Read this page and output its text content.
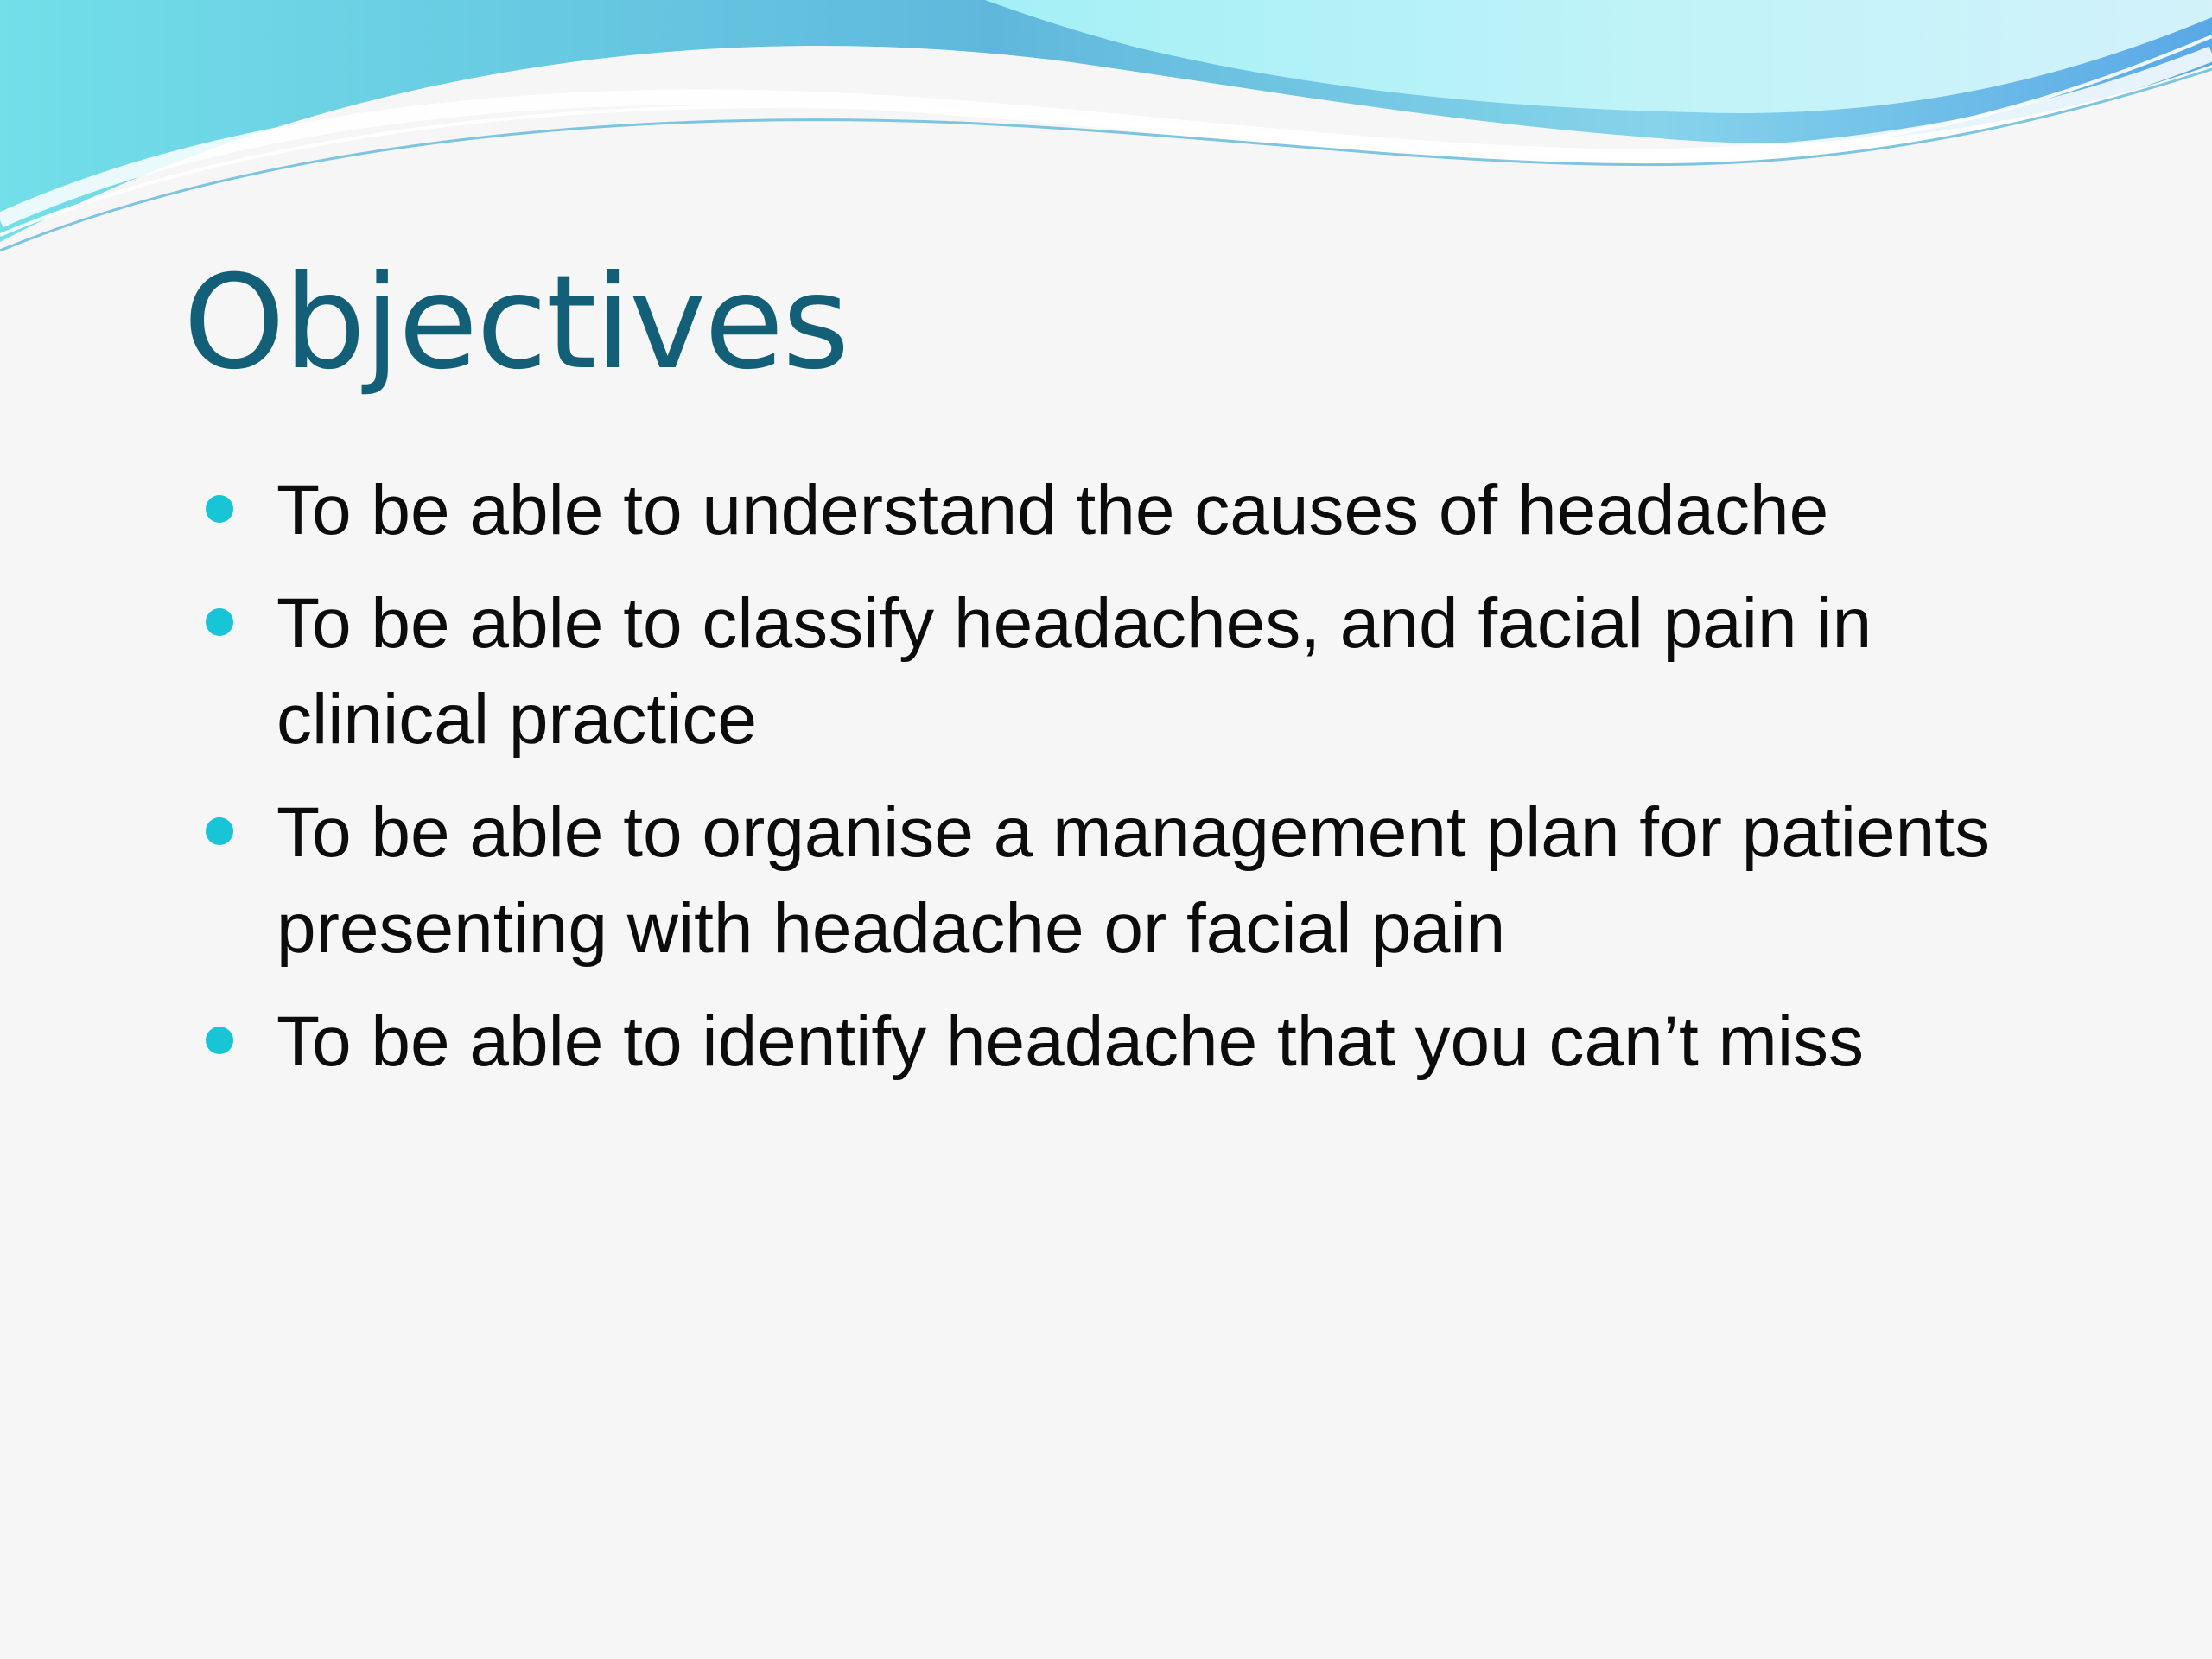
Objectives
To be able to understand the causes of headache
To be able to classify headaches, and facial pain in clinical practice
To be able to organise a management plan for patients presenting with headache or facial pain
To be able to identify headache that you can’t miss
